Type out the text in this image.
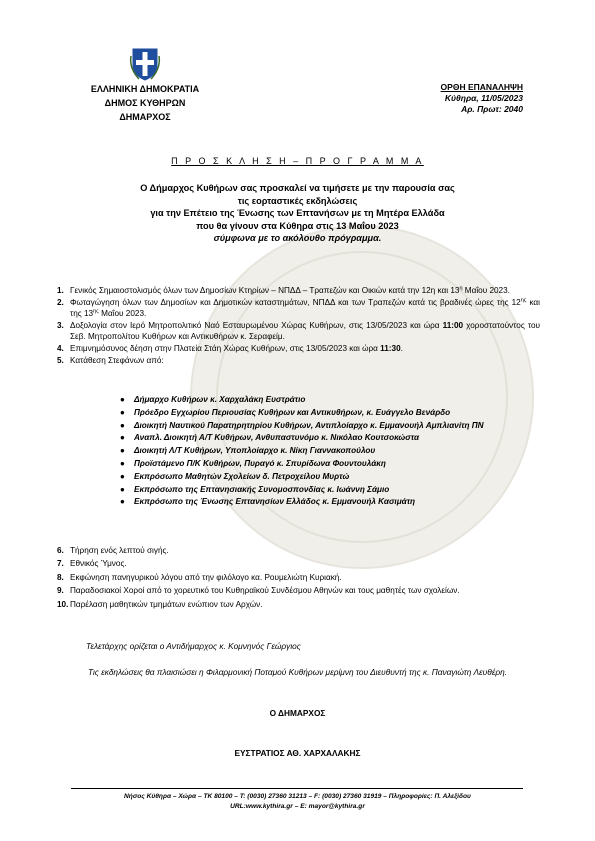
ΕΛΛΗΝΙΚΗ ΔΗΜΟΚΡΑΤΙΑ
ΔΗΜΟΣ ΚΥΘΗΡΩΝ
ΔΗΜΑΡΧΟΣ
ΟΡΘΗ ΕΠΑΝΑΛΗΨΗ
Κύθηρα, 11/05/2023
Αρ. Πρωτ: 2040
Π Ρ Ο Σ Κ Λ Η Σ Η – Π Ρ Ο Γ Ρ Α Μ Μ Α
Ο Δήμαρχος Κυθήρων σας προσκαλεί να τιμήσετε με την παρουσία σας
τις εορταστικές εκδηλώσεις
για την Επέτειο της Ένωσης των Επτανήσων με τη Μητέρα Ελλάδα
που θα γίνουν στα Κύθηρα στις 13 Μαΐου 2023
σύμφωνα με το ακόλουθο πρόγραμμα.
1. Γενικός Σημαιοστολισμός όλων των Δημοσίων Κτηρίων – ΝΠΔΔ – Τραπεζών και Οικιών κατά την 12η και $13^\eta$ Μαΐου 2023.
2. Φωταγώγηση όλων των Δημοσίων και Δημοτικών καταστημάτων, ΝΠΔΔ και των Τραπεζών κατά τις βραδινές ώρες της $12^{\eta\varsigma}$ και της $13^{\eta\varsigma}$ Μαΐου 2023.
3. Δοξολογία στον Ιερό Μητροπολιτικό Ναό Εσταυρωμένου Χώρας Κυθήρων, στις 13/05/2023 και ώρα 11:00 χοροστατούντος του Σεβ. Μητροπολίτου Κυθήρων και Αντικυθήρων κ. Σεραφείμ.
4. Επιμνημόσυνος δέηση στην Πλατεία Στάη Χώρας Κυθήρων, στις 13/05/2023 και ώρα 11:30.
5. Κατάθεση Στεφάνων από:
●	Δήμαρχο Κυθήρων κ. Χαρχαλάκη Ευστράτιο
●	Πρόεδρο Εγχωρίου Περιουσίας Κυθήρων και Αντικυθήρων, κ. Ευάγγελο Βενάρδο
●	Διοικητή Ναυτικού Παρατηρητηρίου Κυθήρων, Αντιπλοίαρχο κ. Εμμανουήλ Αμπλιανίτη ΠΝ
●	Αναπλ. Διοικητή Α/Τ Κυθήρων, Ανθυπαστυνόμο κ. Νικόλαο Κουτσοκώστα
●	Διοικητή Λ/Τ Κυθήρων, Υποπλοίαρχο κ. Νίκη Γιαννακοπούλου
●	Προϊστάμενο Π/Κ Κυθήρων, Πυραγό κ. Σπυρίδωνα Φουντουλάκη
●	Εκπρόσωπο Μαθητών Σχολείων δ. Πετροχείλου Μυρτώ
●	Εκπρόσωπο της Επτανησιακής Συνομοσπονδίας κ. Ιωάννη Σάμιο
●	Εκπρόσωπο της Ένωσης Επτανησίων Ελλάδος κ. Εμμανουήλ Κασιμάτη
6. Τήρηση ενός λεπτού σιγής.
7. Εθνικός Ύμνος.
8. Εκφώνηση πανηγυρικού λόγου από την φιλόλογο κα. Ρουμελιώτη Κυριακή.
9. Παραδοσιακοί Χοροί από το χορευτικό του Κυθηραϊκού Συνδέσμου Αθηνών και τους μαθητές των σχολείων.
10. Παρέλαση μαθητικών τμημάτων ενώπιον των Αρχών.
Τελετάρχης ορίζεται ο Αντιδήμαρχος κ. Κομνηνός Γεώργιος
Τις εκδηλώσεις θα πλαισιώσει η Φιλαρμονική Ποταμού Κυθήρων μερίμνη του Διευθυντή της κ. Παναγιώτη Λευθέρη.
Ο ΔΗΜΑΡΧΟΣ
ΕΥΣΤΡΑΤΙΟΣ ΑΘ. ΧΑΡΧΑΛΑΚΗΣ
Νήσος Κύθηρα – Χώρα – ΤΚ 80100 – Τ: (0030) 27360 31213 – F: (0030) 27360 31919 – Πληροφορίες: Π. Αλεξίδου
URL:www.kythira.gr – E: mayor@kythira.gr
